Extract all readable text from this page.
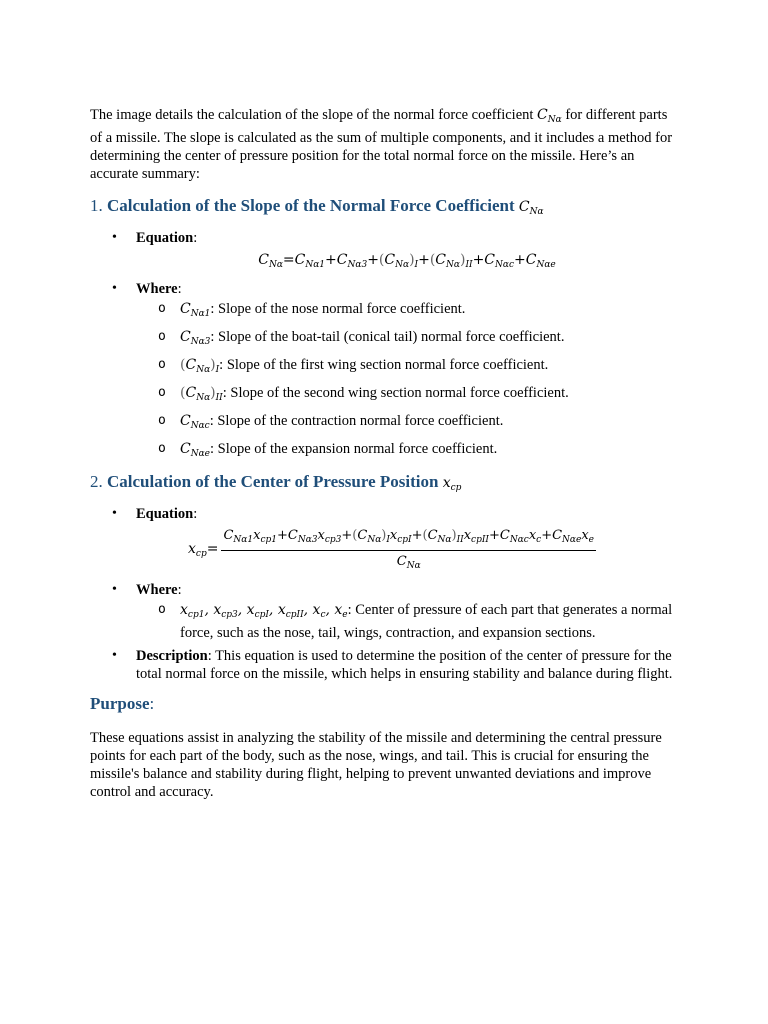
The image details the calculation of the slope of the normal force coefficient $C_{N\alpha}$ for different parts of a missile. The slope is calculated as the sum of multiple components, and it includes a method for determining the center of pressure position for the total normal force on the missile. Here’s an accurate summary:

1. Calculation of the Slope of the Normal Force Coefficient $C_{N\alpha}$
• Equation:
$C_{N\alpha}=C_{N\alpha 1}+C_{N\alpha 3}+(C_{N\alpha})_I+(C_{N\alpha})_{II}+C_{N\alpha c}+C_{N\alpha e}$
• Where:
o $C_{N\alpha 1}$: Slope of the nose normal force coefficient.
o $C_{N\alpha 3}$: Slope of the boat-tail (conical tail) normal force coefficient.
o $(C_{N\alpha})_I$: Slope of the first wing section normal force coefficient.
o $(C_{N\alpha})_{II}$: Slope of the second wing section normal force coefficient.
o $C_{N\alpha c}$: Slope of the contraction normal force coefficient.
o $C_{N\alpha e}$: Slope of the expansion normal force coefficient.
2. Calculation of the Center of Pressure Position $x_{cp}$
• Equation:
$x_{cp}= \frac{C_{N\alpha 1}x_{cp1}+C_{N\alpha 3}x_{cp3}+(C_{N\alpha})_Ix_{cpI}+(C_{N\alpha})_{II}x_{cpII}+C_{N\alpha c}x_c+C_{N\alpha e}x_e}{C_{N\alpha}}$
• Where:
o $x_{cp1}$, $x_{cp3}$, $x_{cpI}$, $x_{cpII}$, $x_c$, $x_e$: Center of pressure of each part that generates a normal force, such as the nose, tail, wings, contraction, and expansion sections.
• Description: This equation is used to determine the position of the center of pressure for the total normal force on the missile, which helps in ensuring stability and balance during flight.
Purpose:

These equations assist in analyzing the stability of the missile and determining the central pressure points for each part of the body, such as the nose, wings, and tail. This is crucial for ensuring the missile's balance and stability during flight, helping to prevent unwanted deviations and improve control and accuracy.
